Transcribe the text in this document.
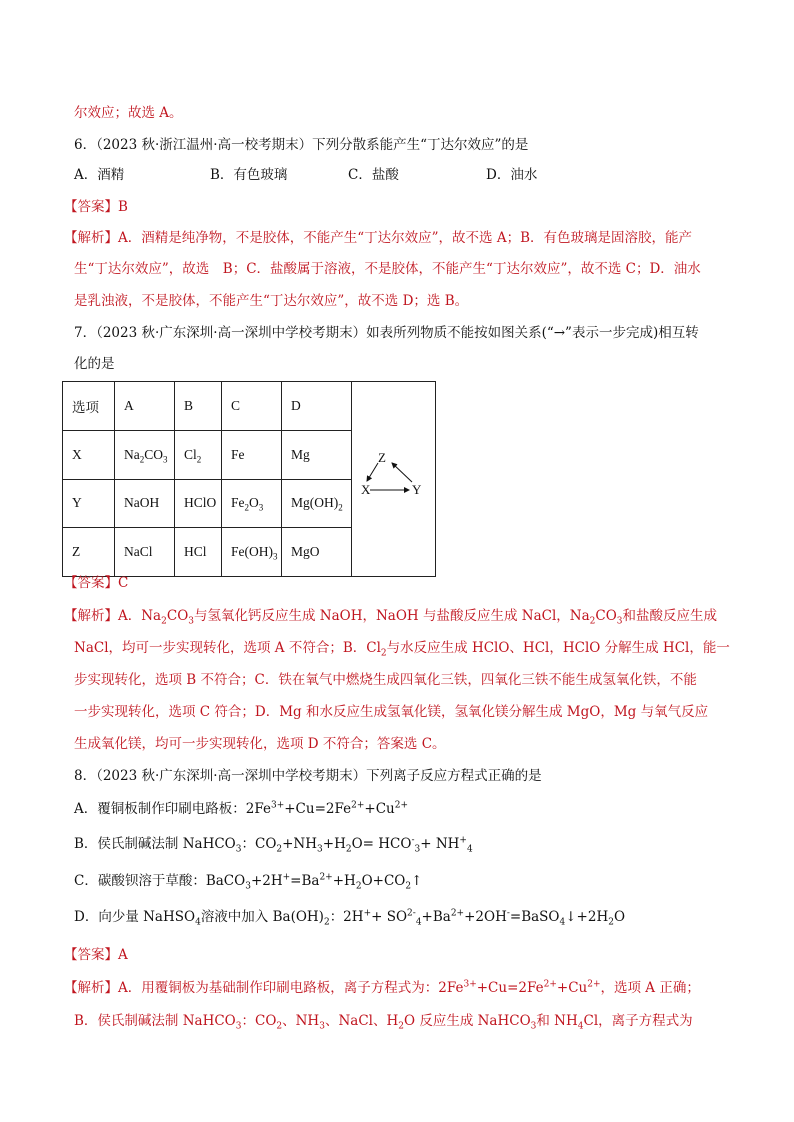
尔效应；故选 A。
6．（2023 秋·浙江温州·高一校考期末）下列分散系能产生“丁达尔效应”的是
A．酒精	B．有色玻璃	C．盐酸	D．油水
【答案】B
【解析】A．酒精是纯净物，不是胶体，不能产生“丁达尔效应”，故不选 A；B．有色玻璃是固溶胶，能产
生“丁达尔效应”，故选　B；C．盐酸属于溶液，不是胶体，不能产生“丁达尔效应”，故不选 C；D．油水
是乳浊液，不是胶体，不能产生“丁达尔效应”，故不选 D；选 B。
7．（2023 秋·广东深圳·高一深圳中学校考期末）如表所列物质不能按如图关系(“→”表示一步完成)相互转
化的是
选项	A	B	C	D	Z
X Y

X	$Na_2CO_3$	$Cl_2$	Fe	Mg	
Y	NaOH	HClO	$Fe_2O_3$	$Mg(OH)_2$
Z	NaCl	HCl	$Fe(OH)_3$	MgO	
【答案】C
【解析】A．$Na_2CO_3$与氢氧化钙反应生成 NaOH，NaOH 与盐酸反应生成 NaCl，$Na_2CO_3$和盐酸反应生成
NaCl，均可一步实现转化，选项 A 不符合；B．$Cl_2$与水反应生成 HClO、HCl，HClO 分解生成 HCl，能一
步实现转化，选项 B 不符合；C．铁在氧气中燃烧生成四氧化三铁，四氧化三铁不能生成氢氧化铁，不能
一步实现转化，选项 C 符合；D．Mg 和水反应生成氢氧化镁，氢氧化镁分解生成 MgO，Mg 与氧气反应
生成氧化镁，均可一步实现转化，选项 D 不符合；答案选 C。
8．（2023 秋·广东深圳·高一深圳中学校考期末）下列离子反应方程式正确的是
A．覆铜板制作印刷电路板：$2Fe^{3+}+Cu=2Fe^{2+}+Cu^{2+}$
B．侯氏制碱法制 NaHCO$_3$：$CO_2+NH_3+H_2O= HCO^-_3+ NH^+_4$
C．碳酸钡溶于草酸：$BaCO_3+2H^+=Ba^{2+}+H_2O+CO_2↑$
D．向少量 NaHSO$_4$溶液中加入 $Ba(OH)_2$：$2H^++ SO^{2-}_4+Ba^{2+}+2OH^-=BaSO_4↓+2H_2O$
【答案】A
【解析】A．用覆铜板为基础制作印刷电路板，离子方程式为：$2Fe^{3+}+Cu=2Fe^{2+}+Cu^{2+}$，选项 A 正确；
B．侯氏制碱法制 NaHCO$_3$：$CO_2$、$NH_3$、NaCl、$H_2O$ 反应生成 NaHCO$_3$和 $NH_4Cl$，离子方程式为
